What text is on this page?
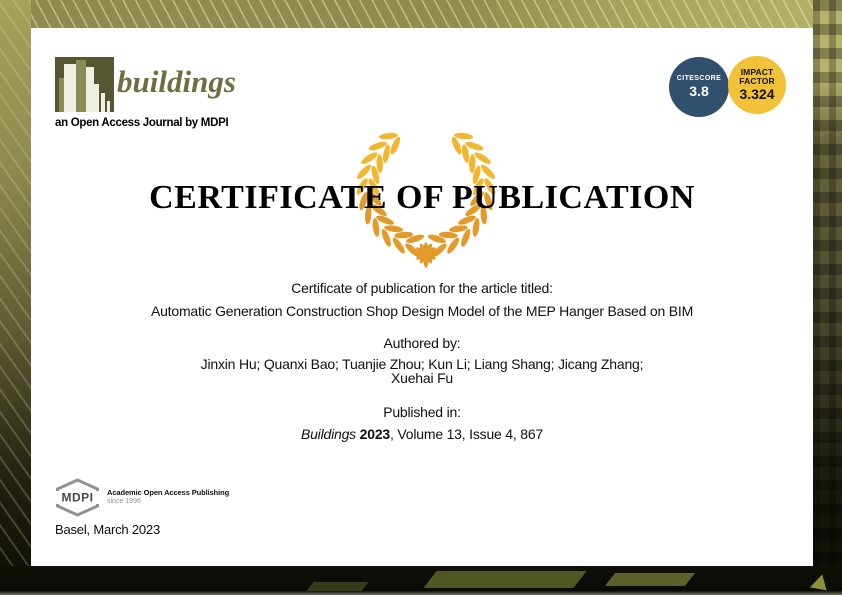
buildings
an Open Access Journal by MDPI
CITESCORE
3.8
IMPACT
FACTOR
3.324
CERTIFICATE OF PUBLICATION
Certificate of publication for the article titled:
Automatic Generation Construction Shop Design Model of the MEP Hanger Based on BIM
Authored by:
Jinxin Hu; Quanxi Bao; Tuanjie Zhou; Kun Li; Liang Shang; Jicang Zhang;
Xuehai Fu
Published in:
Buildings 2023, Volume 13, Issue 4, 867
MDPI Academic Open Access Publishing
since 1996
Basel, March 2023
